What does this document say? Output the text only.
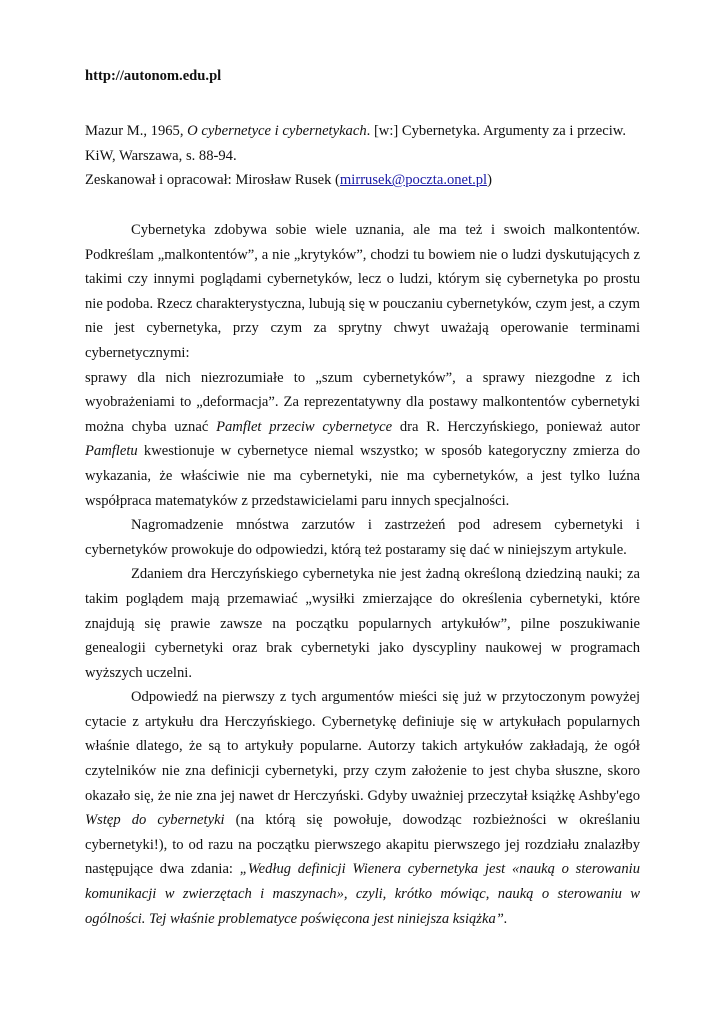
http://autonom.edu.pl
Mazur M., 1965, O cybernetyce i cybernetykach. [w:] Cybernetyka. Argumenty za i przeciw. KiW, Warszawa, s. 88-94.
Zeskanował i opracował: Mirosław Rusek (mirrusek@poczta.onet.pl)

Cybernetyka zdobywa sobie wiele uznania, ale ma też i swoich malkontentów. Podkreślam „malkontentów”, a nie „krytyków”, chodzi tu bowiem nie o ludzi dyskutujących z takimi czy innymi poglądami cybernetyków, lecz o ludzi, którym się cybernetyka po prostu nie podoba. Rzecz charakterystyczna, lubują się w pouczaniu cybernetyków, czym jest, a czym nie jest cybernetyka, przy czym za sprytny chwyt uważają operowanie terminami cybernetycznymi:

sprawy dla nich niezrozumiałe to „szum cybernetyków”, a sprawy niezgodne z ich wyobrażeniami to „deformacja”. Za reprezentatywny dla postawy malkontentów cybernetyki można chyba uznać Pamflet przeciw cybernetyce dra R. Herczyńskiego, ponieważ autor Pamfletu kwestionuje w cybernetyce niemal wszystko; w sposób kategoryczny zmierza do wykazania, że właściwie nie ma cybernetyki, nie ma cybernetyków, a jest tylko luźna współpraca matematyków z przedstawicielami paru innych specjalności.

Nagromadzenie mnóstwa zarzutów i zastrzeżeń pod adresem cybernetyki i cybernetyków prowokuje do odpowiedzi, którą też postaramy się dać w niniejszym artykule.

Zdaniem dra Herczyńskiego cybernetyka nie jest żadną określoną dziedziną nauki; za takim poglądem mają przemawiać „wysiłki zmierzające do określenia cybernetyki, które znajdują się prawie zawsze na początku popularnych artykułów”, pilne poszukiwanie genealogii cybernetyki oraz brak cybernetyki jako dyscypliny naukowej w programach wyższych uczelni.

Odpowiedź na pierwszy z tych argumentów mieści się już w przytoczonym powyżej cytacie z artykułu dra Herczyńskiego. Cybernetykę definiuje się w artykułach popularnych właśnie dlatego, że są to artykuły popularne. Autorzy takich artykułów zakładają, że ogół czytelników nie zna definicji cybernetyki, przy czym założenie to jest chyba słuszne, skoro okazało się, że nie zna jej nawet dr Herczyński. Gdyby uważniej przeczytał książkę Ashby'ego Wstęp do cybernetyki (na którą się powołuje, dowodząc rozbieżności w określaniu cybernetyki!), to od razu na początku pierwszego akapitu pierwszego jej rozdziału znalazłby następujące dwa zdania: „Według definicji Wienera cybernetyka jest «nauką o sterowaniu komunikacji w zwierzętach i maszynach», czyli, krótko mówiąc, nauką o sterowaniu w ogólności. Tej właśnie problematyce poświęcona jest niniejsza książka”.
